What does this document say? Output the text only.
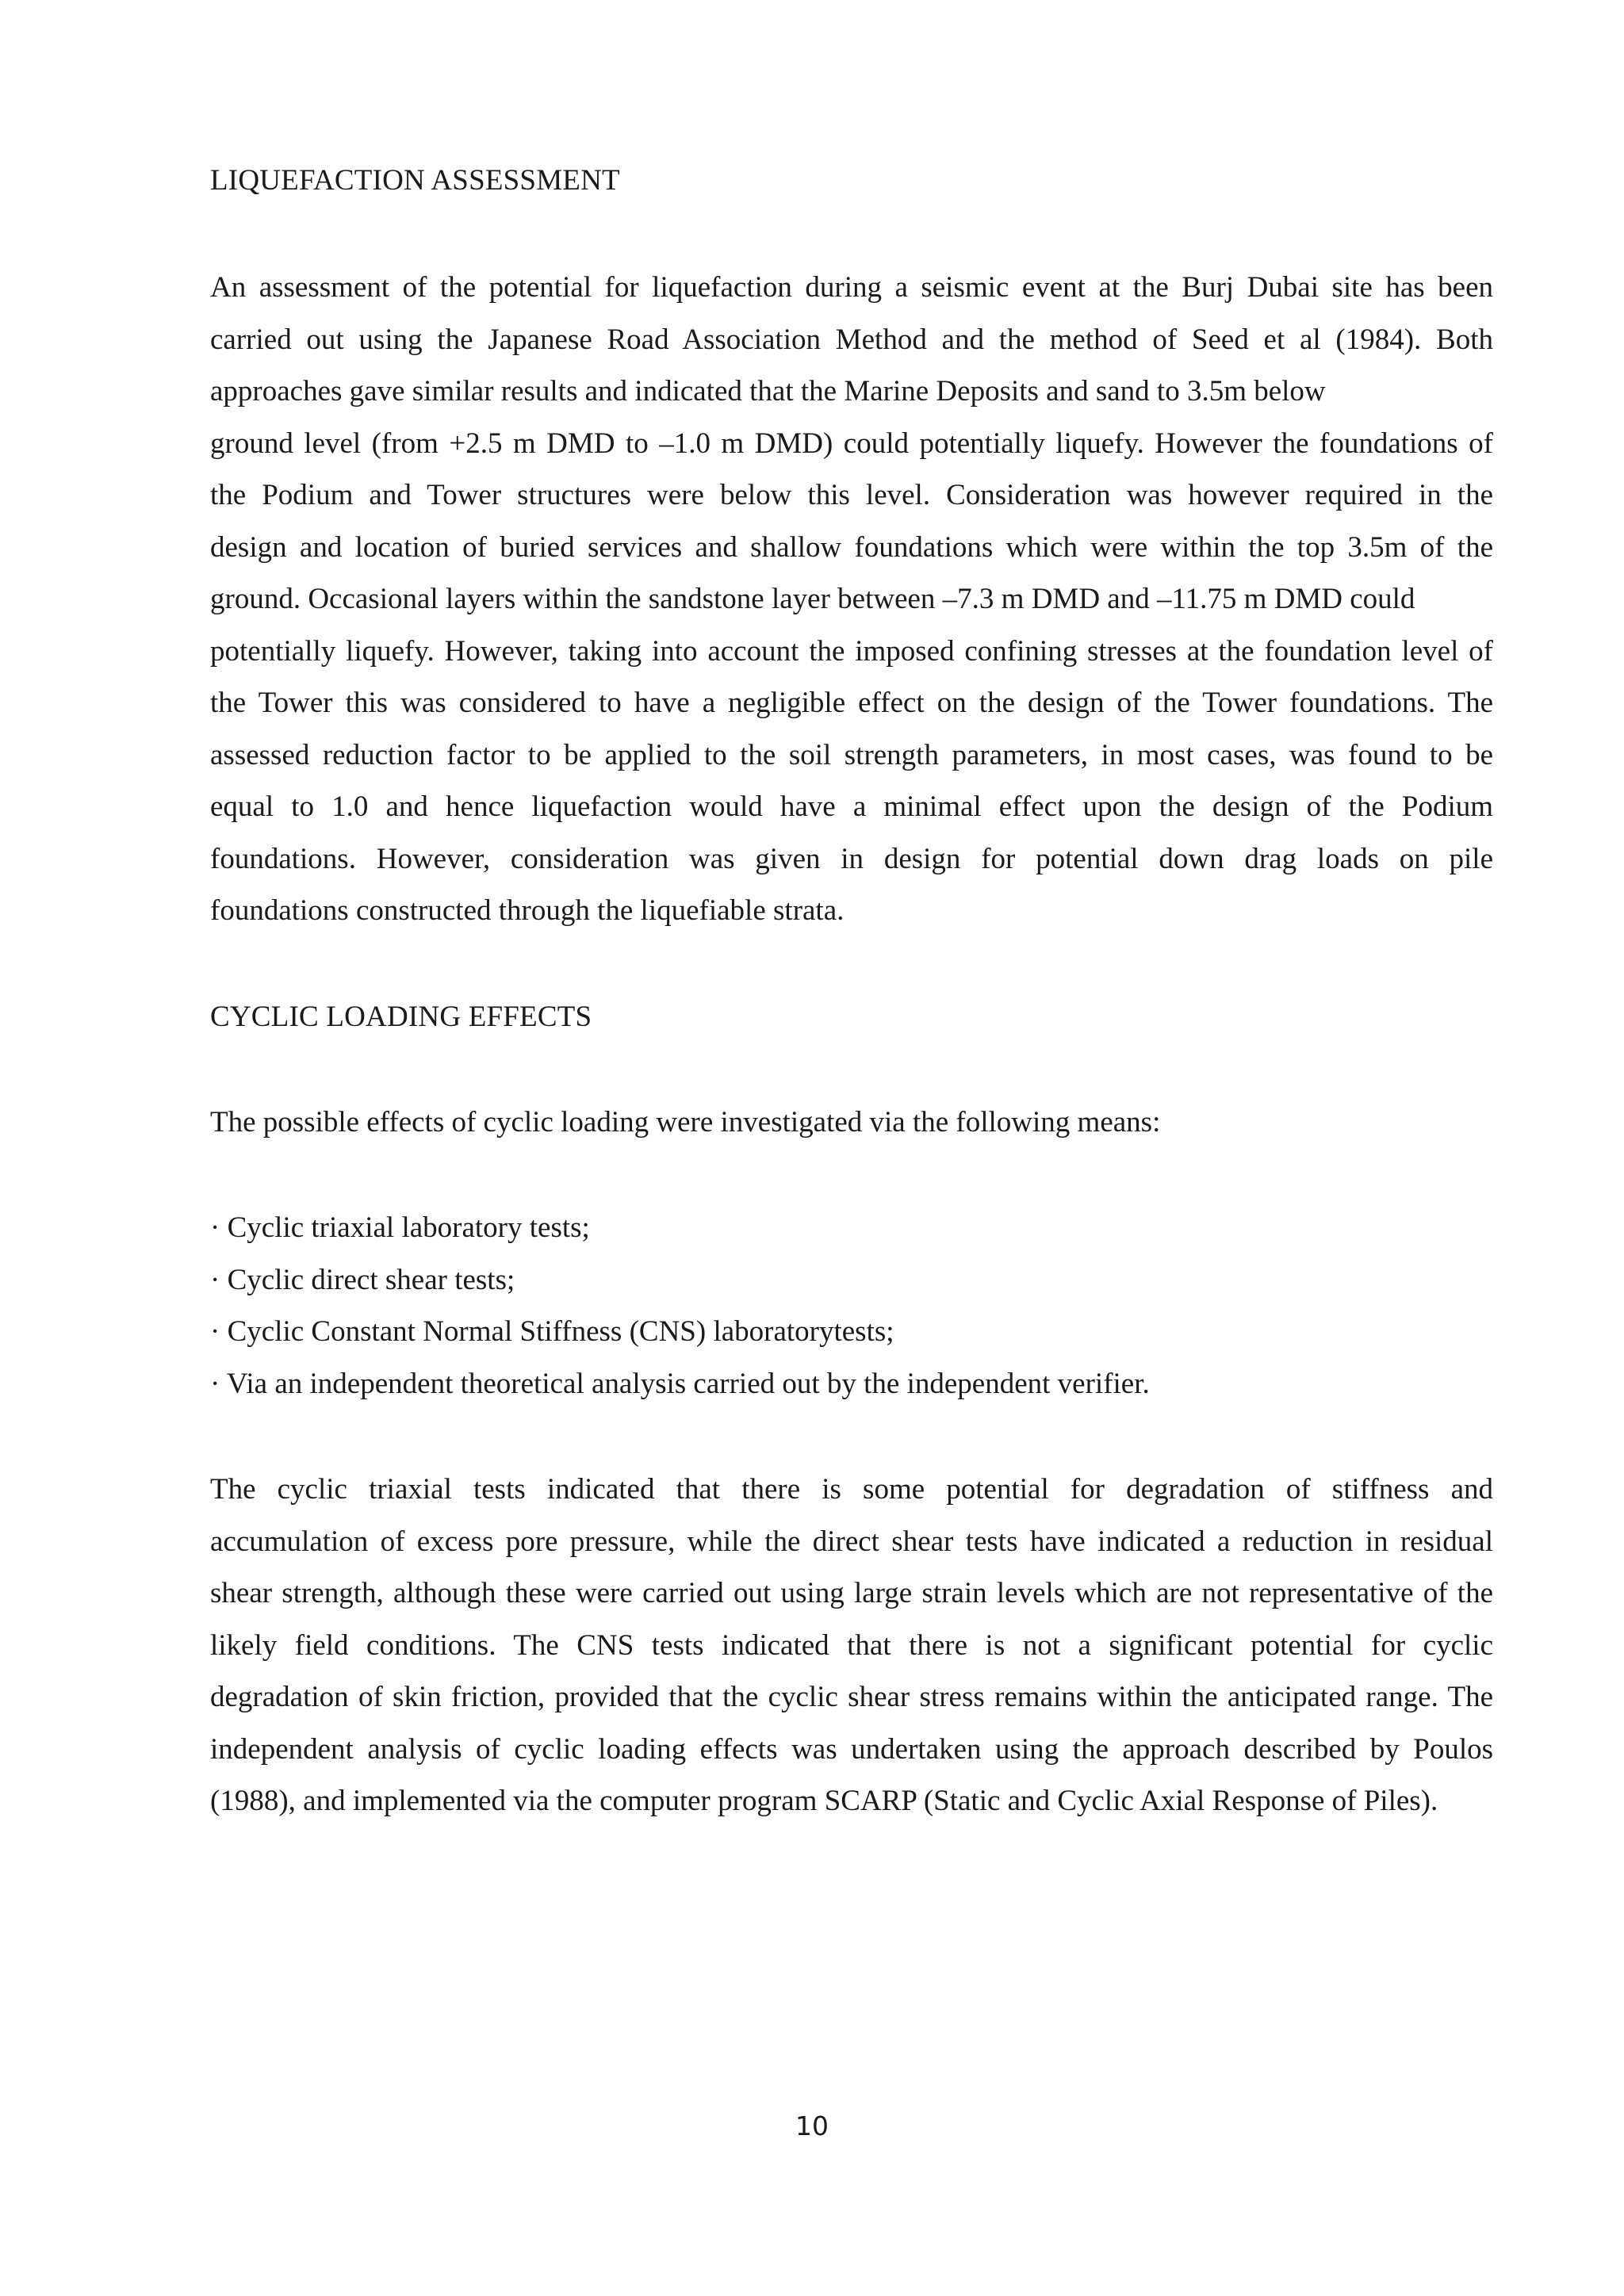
LIQUEFACTION ASSESSMENT

An assessment of the potential for liquefaction during a seismic event at the Burj Dubai site has been
carried out using the Japanese Road Association Method and the method of Seed et al (1984). Both
approaches gave similar results and indicated that the Marine Deposits and sand to 3.5m below
ground level (from +2.5 m DMD to –1.0 m DMD) could potentially liquefy. However the foundations of
the Podium and Tower structures were below this level. Consideration was however required in the
design and location of buried services and shallow foundations which were within the top 3.5m of the
ground. Occasional layers within the sandstone layer between –7.3 m DMD and –11.75 m DMD could
potentially liquefy. However, taking into account the imposed confining stresses at the foundation level of
the Tower this was considered to have a negligible effect on the design of the Tower foundations. The
assessed reduction factor to be applied to the soil strength parameters, in most cases, was found to be
equal to 1.0 and hence liquefaction would have a minimal effect upon the design of the Podium
foundations. However, consideration was given in design for potential down drag loads on pile
foundations constructed through the liquefiable strata.

CYCLIC LOADING EFFECTS

The possible effects of cyclic loading were investigated via the following means:

· Cyclic triaxial laboratory tests;
· Cyclic direct shear tests;
· Cyclic Constant Normal Stiffness (CNS) laboratorytests;
· Via an independent theoretical analysis carried out by the independent verifier.

The cyclic triaxial tests indicated that there is some potential for degradation of stiffness and
accumulation of excess pore pressure, while the direct shear tests have indicated a reduction in residual
shear strength, although these were carried out using large strain levels which are not representative of the
likely field conditions. The CNS tests indicated that there is not a significant potential for cyclic
degradation of skin friction, provided that the cyclic shear stress remains within the anticipated range. The
independent analysis of cyclic loading effects was undertaken using the approach described by Poulos
(1988), and implemented via the computer program SCARP (Static and Cyclic Axial Response of Piles).

10
